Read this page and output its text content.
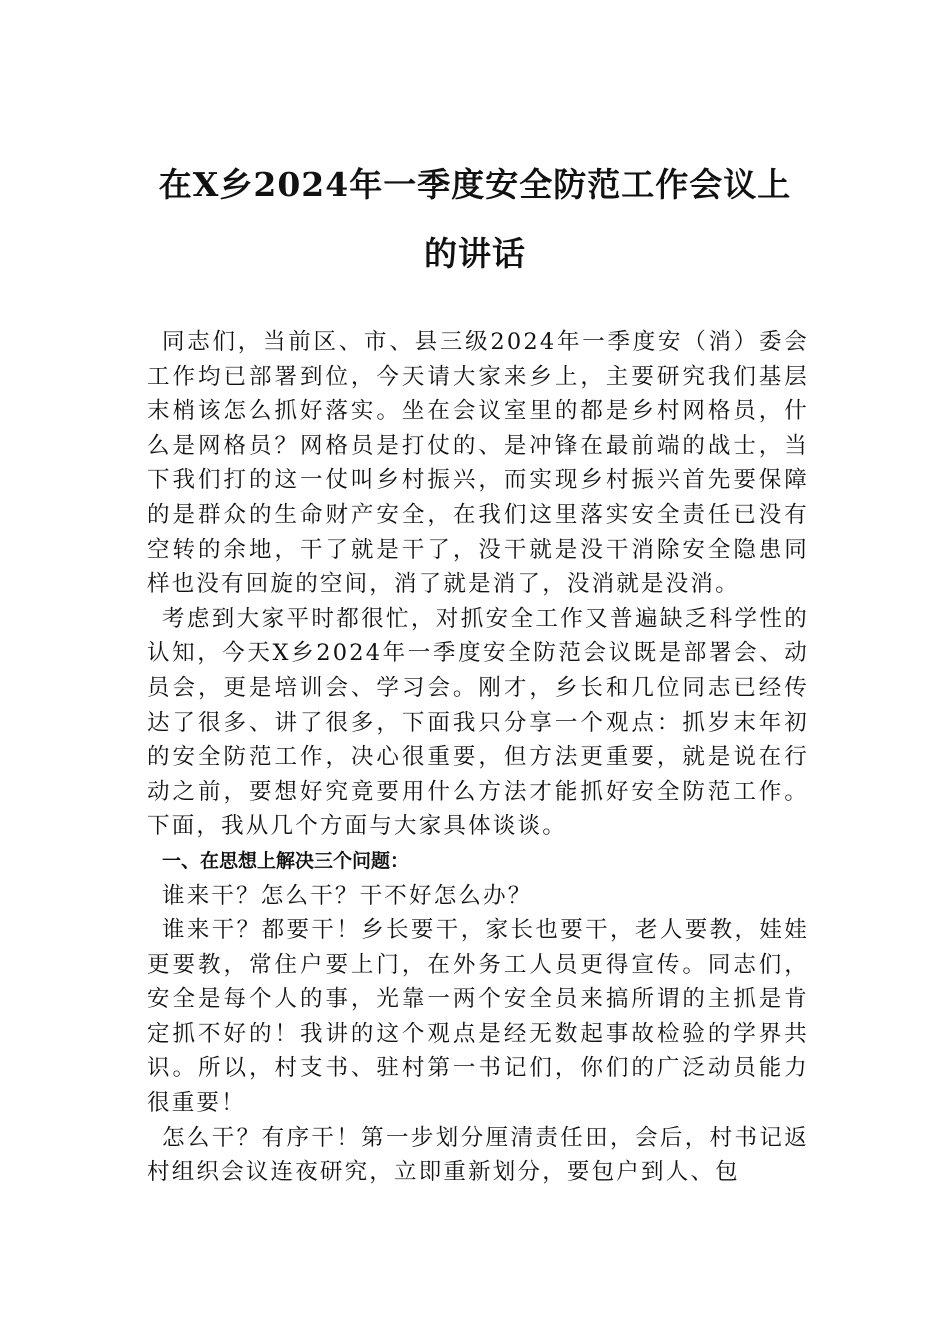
在X乡2024年一季度安全防范工作会议上
的讲话

同志们，当前区、市、县三级2024年一季度安（消）委会工作均已部署到位，今天请大家来乡上，主要研究我们基层末梢该怎么抓好落实。坐在会议室里的都是乡村网格员，什么是网格员？网格员是打仗的、是冲锋在最前端的战士，当下我们打的这一仗叫乡村振兴，而实现乡村振兴首先要保障的是群众的生命财产安全，在我们这里落实安全责任已没有空转的余地，干了就是干了，没干就是没干消除安全隐患同样也没有回旋的空间，消了就是消了，没消就是没消。

考虑到大家平时都很忙，对抓安全工作又普遍缺乏科学性的认知，今天X乡2024年一季度安全防范会议既是部署会、动员会，更是培训会、学习会。刚才，乡长和几位同志已经传达了很多、讲了很多，下面我只分享一个观点：抓岁末年初的安全防范工作，决心很重要，但方法更重要，就是说在行动之前，要想好究竟要用什么方法才能抓好安全防范工作。下面，我从几个方面与大家具体谈谈。

一、在思想上解决三个问题：

谁来干？怎么干？干不好怎么办？

谁来干？都要干！乡长要干，家长也要干，老人要教，娃娃更要教，常住户要上门，在外务工人员更得宣传。同志们，安全是每个人的事，光靠一两个安全员来搞所谓的主抓是肯定抓不好的！我讲的这个观点是经无数起事故检验的学界共识。所以，村支书、驻村第一书记们，你们的广泛动员能力很重要！

怎么干？有序干！第一步划分厘清责任田，会后，村书记返村组织会议连夜研究，立即重新划分，要包户到人、包
